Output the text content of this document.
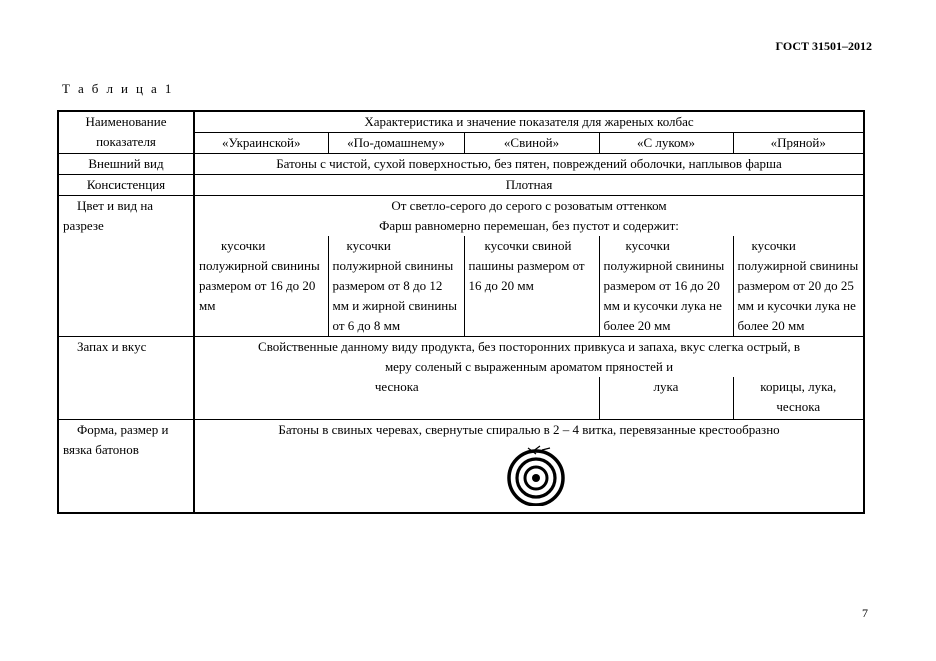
ГОСТ 31501–2012
Т а б л и ц а 1
Наименование
показателя	Характеристика и значение показателя для жареных колбас				
	«Украинской»	«По-домашнему»	«Свиной»	«С луком»	«Пряной»
Внешний вид	Батоны с чистой, сухой поверхностью, без пятен, повреждений оболочки, наплывов фарша				
Консистенция	Плотная				

Цвет и вид на разрезе	От светло-серого до серого с розоватым оттенком
Фарш равномерно перемешан, без пустот и содержит:				

	кусочки полужирной свинины размером от 16 до 20 мм	кусочки полужирной свинины размером от 8 до 12 мм и жирной свинины от 6 до 8 мм	кусочки свиной пашины размером от 16 до 20 мм	кусочки полужирной свинины размером от 16 до 20 мм и кусочки лука не более 20 мм	кусочки полужирной свинины размером от 20 до 25 мм и кусочки лука не более 20 мм

Запах и вкус	Свойственные данному виду продукта, без посторонних привкуса и запаха, вкус слегка острый, в
меру соленый с выраженным ароматом пряностей и				

	чеснока			лука	корицы, лука, чеснока

Форма, размер и вязка батонов	Батоны в свиных черевах, свернутые спиралью в 2 – 4 витка, перевязанные крестообразно				
7
